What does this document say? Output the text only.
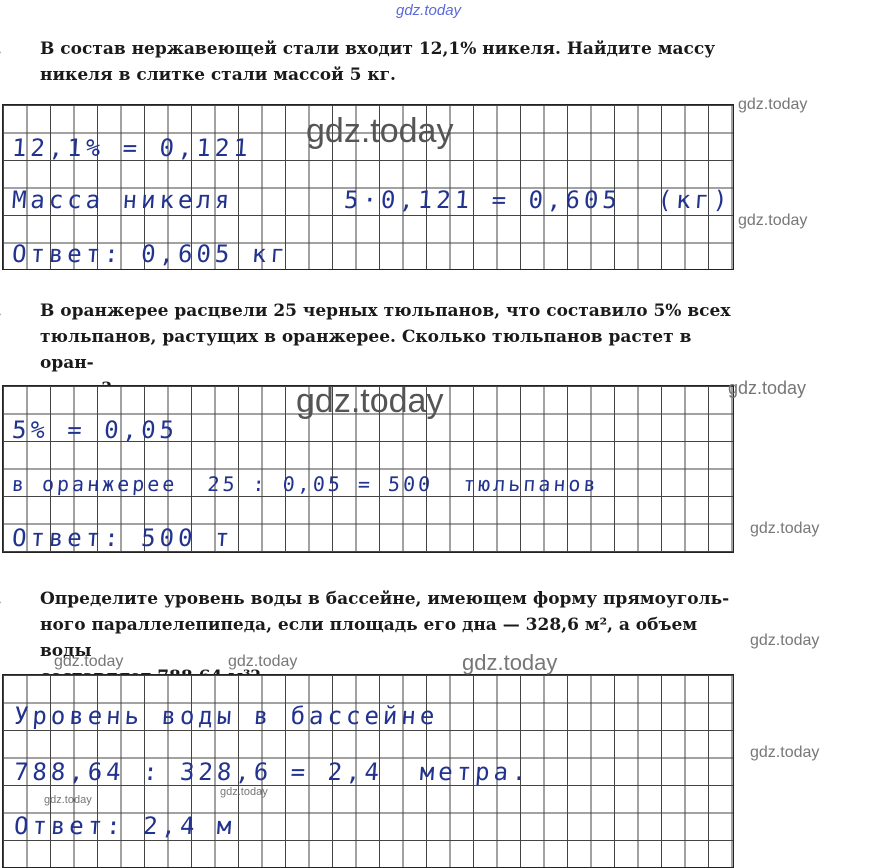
gdz.today
В состав нержавеющей стали входит 12,1% никеля. Найдите массу
никеля в слитке стали массой 5 кг.
12,1% = 0,121
Масса никеля      5·0,121 = 0,605  (кг)
Ответ: 0,605 кг
В оранжерее расцвели 25 черных тюльпанов, что составило 5% всех
тюльпанов, растущих в оранжерее. Сколько тюльпанов растет в оран-
5% = 0,05
в оранжерее  25 : 0,05 = 500  тюльпанов
Ответ: 500 т
Определите уровень воды в бассейне, имеющем форму прямоуголь-
ного параллелепипеда, если площадь его дна — 328,6 м², а объем воды
Уровень воды в бассейне
788,64 : 328,6 = 2,4  метра.
Ответ: 2,4 м
gdz.today
gdz.today
gdz.today
gdz.today	gdz.today
gdz.today
gdz.today
gdz.today	gdz.today	gdz.today
gdz.today
gdz.today
gdz.today
